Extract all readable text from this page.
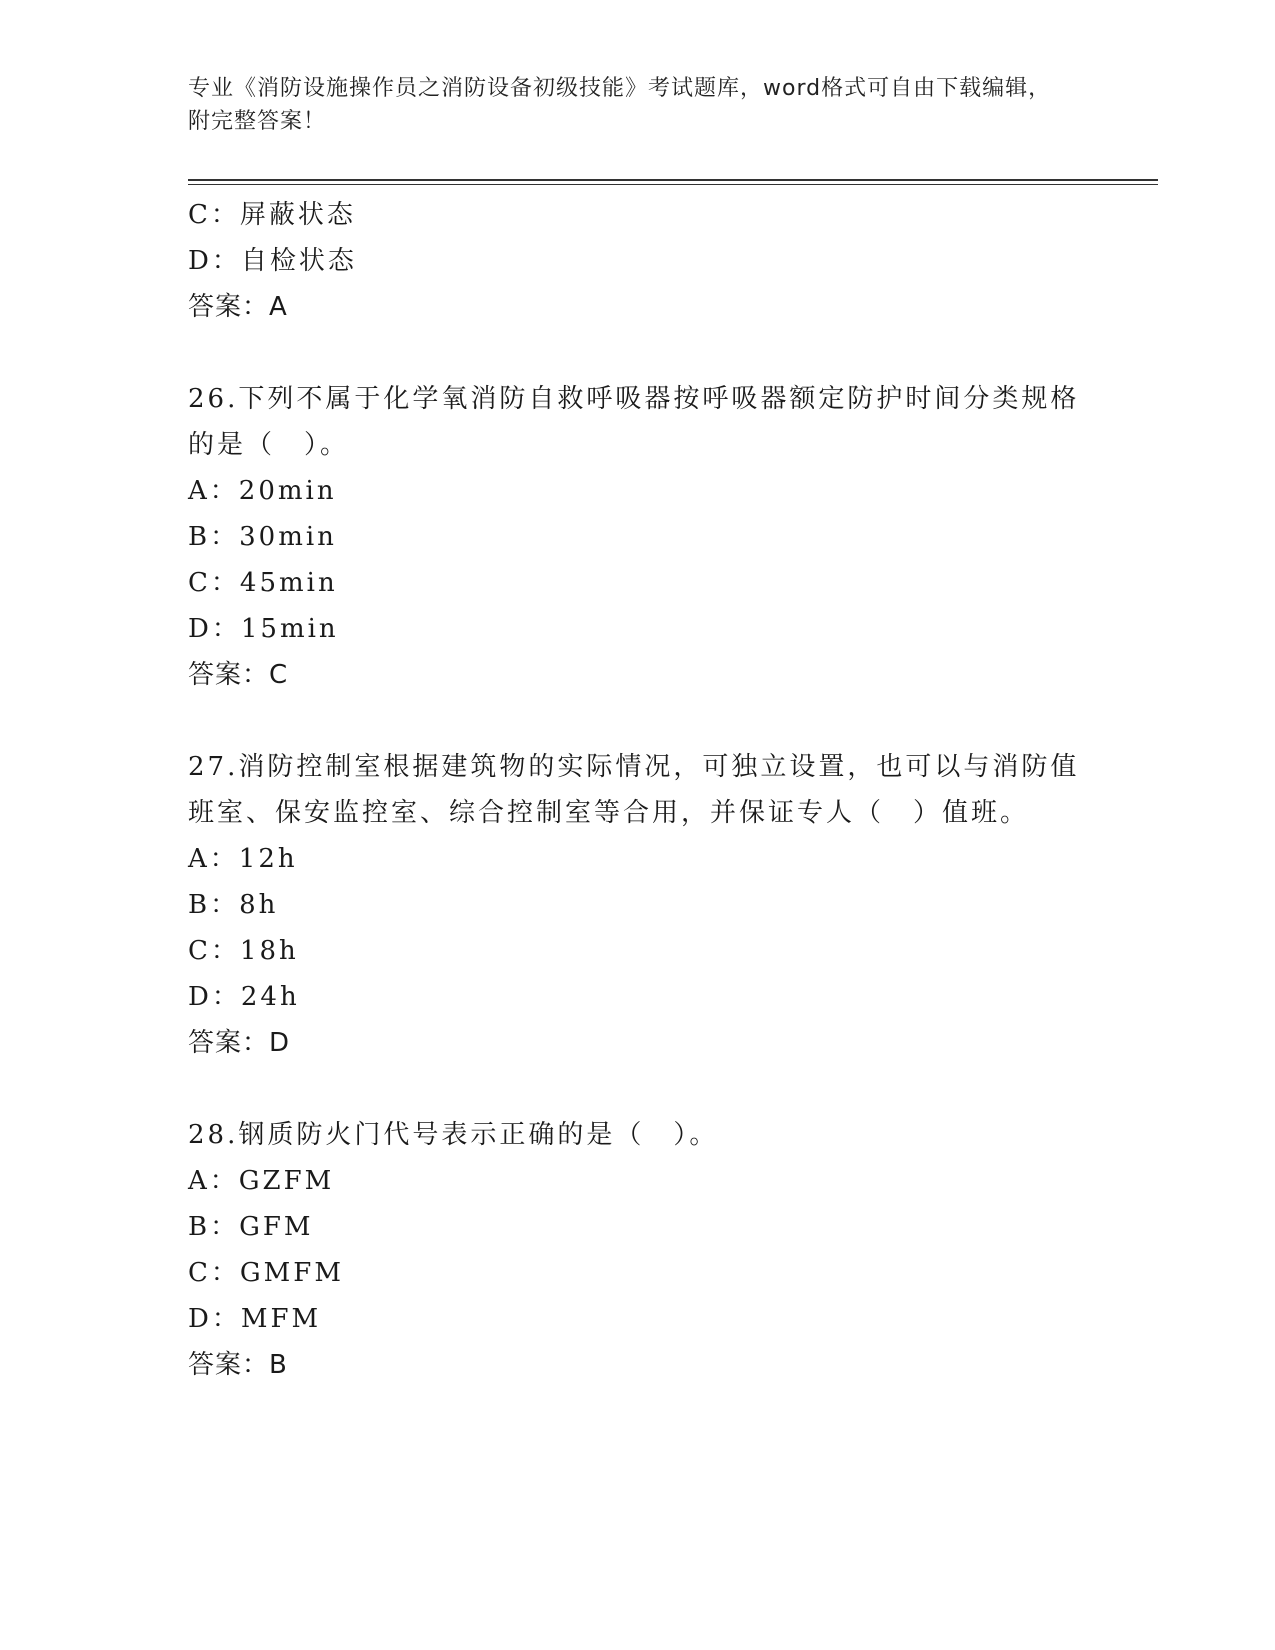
专业《消防设施操作员之消防设备初级技能》考试题库，word格式可自由下载编辑，附完整答案！
C：屏蔽状态
D：自检状态
答案：A
26.下列不属于化学氧消防自救呼吸器按呼吸器额定防护时间分类规格的是（　）。
A：20min
B：30min
C：45min
D：15min
答案：C
27.消防控制室根据建筑物的实际情况，可独立设置，也可以与消防值班室、保安监控室、综合控制室等合用，并保证专人（　）值班。
A：12h
B：8h
C：18h
D：24h
答案：D
28.钢质防火门代号表示正确的是（　）。
A：GZFM
B：GFM
C：GMFM
D：MFM
答案：B
